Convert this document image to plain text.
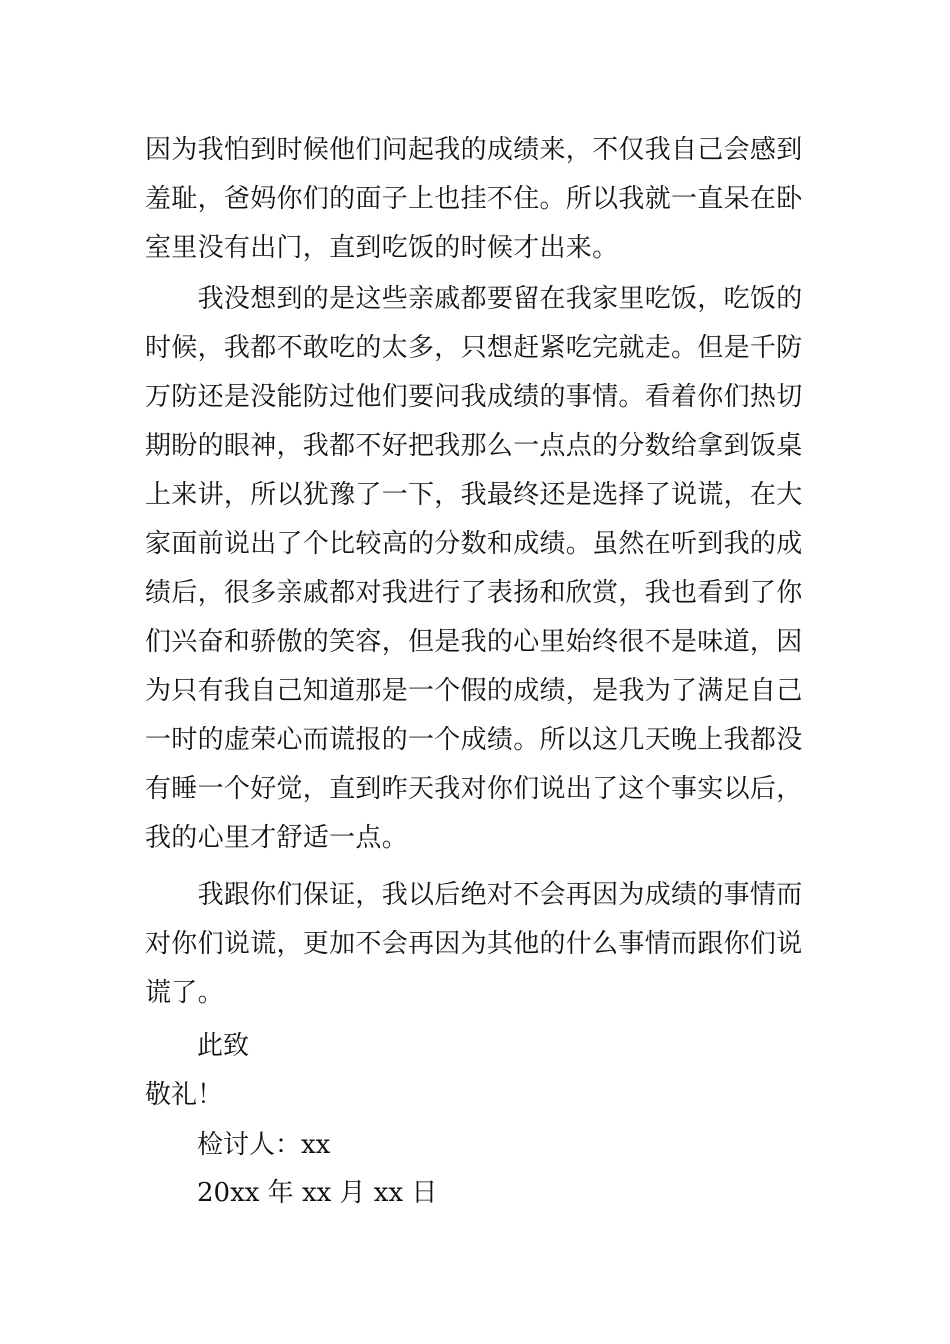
因为我怕到时候他们问起我的成绩来，不仅我自己会感到
羞耻，爸妈你们的面子上也挂不住。所以我就一直呆在卧
室里没有出门，直到吃饭的时候才出来。

　　我没想到的是这些亲戚都要留在我家里吃饭，吃饭的
时候，我都不敢吃的太多，只想赶紧吃完就走。但是千防
万防还是没能防过他们要问我成绩的事情。看着你们热切
期盼的眼神，我都不好把我那么一点点的分数给拿到饭桌
上来讲，所以犹豫了一下，我最终还是选择了说谎，在大
家面前说出了个比较高的分数和成绩。虽然在听到我的成
绩后，很多亲戚都对我进行了表扬和欣赏，我也看到了你
们兴奋和骄傲的笑容，但是我的心里始终很不是味道，因
为只有我自己知道那是一个假的成绩，是我为了满足自己
一时的虚荣心而谎报的一个成绩。所以这几天晚上我都没
有睡一个好觉，直到昨天我对你们说出了这个事实以后，
我的心里才舒适一点。

　　我跟你们保证，我以后绝对不会再因为成绩的事情而
对你们说谎，更加不会再因为其他的什么事情而跟你们说
谎了。

此致

敬礼！

检讨人：xx

20xx 年 xx 月 xx 日
